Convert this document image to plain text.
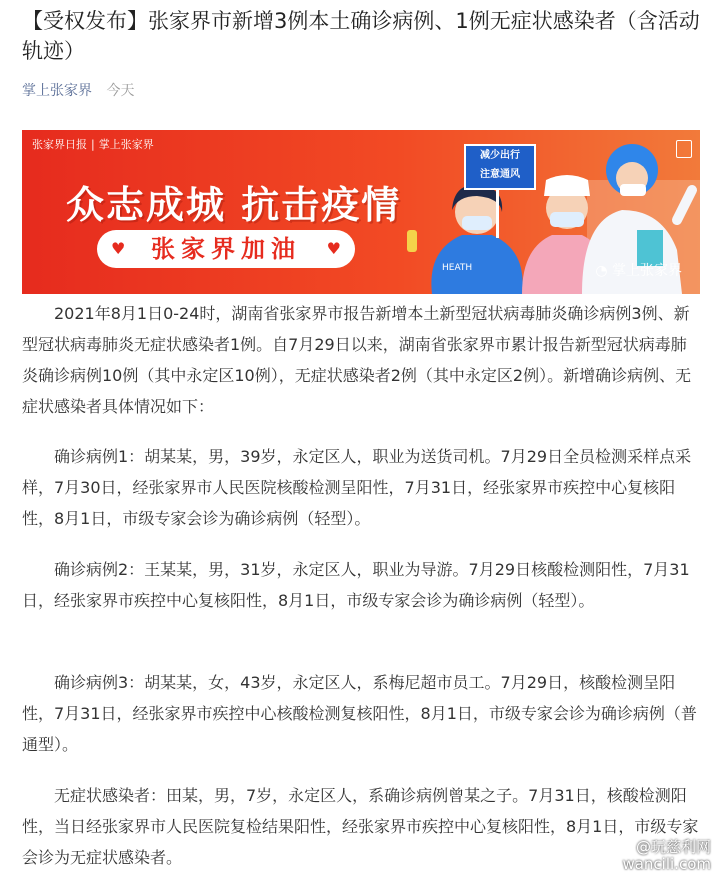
【受权发布】张家界市新增3例本土确诊病例、1例无症状感染者（含活动轨迹）
掌上张家界 今天
张家界日报 | 掌上张家界
众志成城 抗击疫情
♥ 张家界加油 ♥
HEATH
减少出行
注意通风
◔ 掌上张家界

2021年8月1日0-24时，湖南省张家界市报告新增本土新型冠状病毒肺炎确诊病例3例、新型冠状病毒肺炎无症状感染者1例。自7月29日以来，湖南省张家界市累计报告新型冠状病毒肺炎确诊病例10例（其中永定区10例），无症状感染者2例（其中永定区2例）。新增确诊病例、无症状感染者具体情况如下：

确诊病例1：胡某某，男，39岁，永定区人，职业为送货司机。7月29日全员检测采样点采样，7月30日，经张家界市人民医院核酸检测呈阳性，7月31日，经张家界市疾控中心复核阳性，8月1日，市级专家会诊为确诊病例（轻型）。

确诊病例2：王某某，男，31岁，永定区人，职业为导游。7月29日核酸检测阳性，7月31日，经张家界市疾控中心复核阳性，8月1日，市级专家会诊为确诊病例（轻型）。

确诊病例3：胡某某，女，43岁，永定区人，系梅尼超市员工。7月29日，核酸检测呈阳性，7月31日，经张家界市疾控中心核酸检测复核阳性，8月1日，市级专家会诊为确诊病例（普通型）。

无症状感染者：田某，男，7岁，永定区人，系确诊病例曾某之子。7月31日，核酸检测阳性，当日经张家界市人民医院复检结果阳性，经张家界市疾控中心复核阳性，8月1日，市级专家会诊为无症状感染者。

@玩慈利网
wancili.com
